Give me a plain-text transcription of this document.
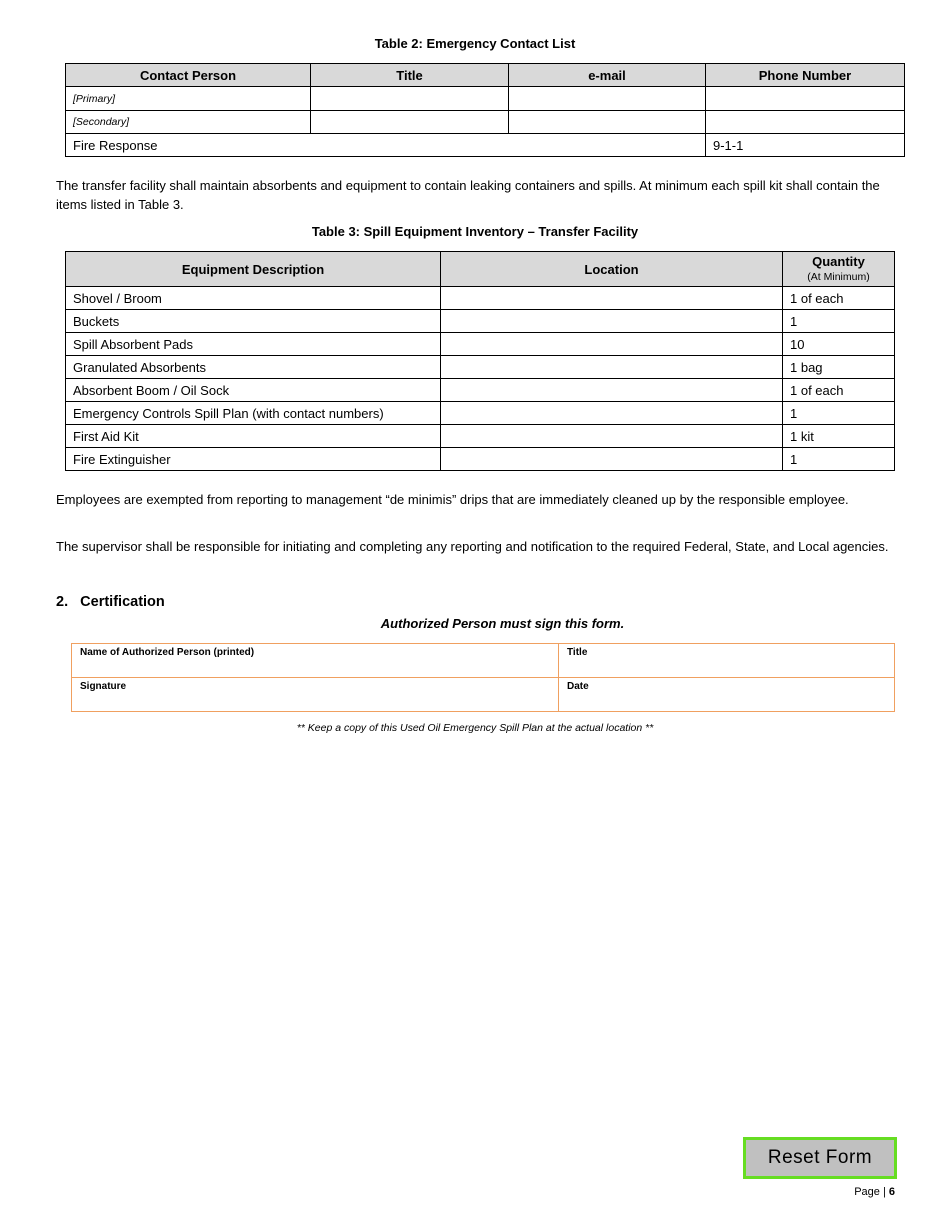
Table 2: Emergency Contact List
Contact Person	Title	e-mail	Phone Number
[Primary]			
[Secondary]			
Fire Response			9-1-1
The transfer facility shall maintain absorbents and equipment to contain leaking containers and spills. At minimum each spill kit shall contain the items listed in Table 3.
Table 3: Spill Equipment Inventory – Transfer Facility
Equipment Description	Location	Quantity
(At Minimum)
Shovel / Broom		1 of each
Buckets		1
Spill Absorbent Pads		10
Granulated Absorbents		1 bag
Absorbent Boom / Oil Sock		1 of each
Emergency Controls Spill Plan (with contact numbers)		1
First Aid Kit		1 kit
Fire Extinguisher		1
Employees are exempted from reporting to management “de minimis” drips that are immediately cleaned up by the responsible employee.
The supervisor shall be responsible for initiating and completing any reporting and notification to the required Federal, State, and Local agencies.
2.   Certification
Authorized Person must sign this form.
Name of Authorized Person (printed)	Title
Signature	Date
** Keep a copy of this Used Oil Emergency Spill Plan at the actual location **
Reset Form
Page | 6
